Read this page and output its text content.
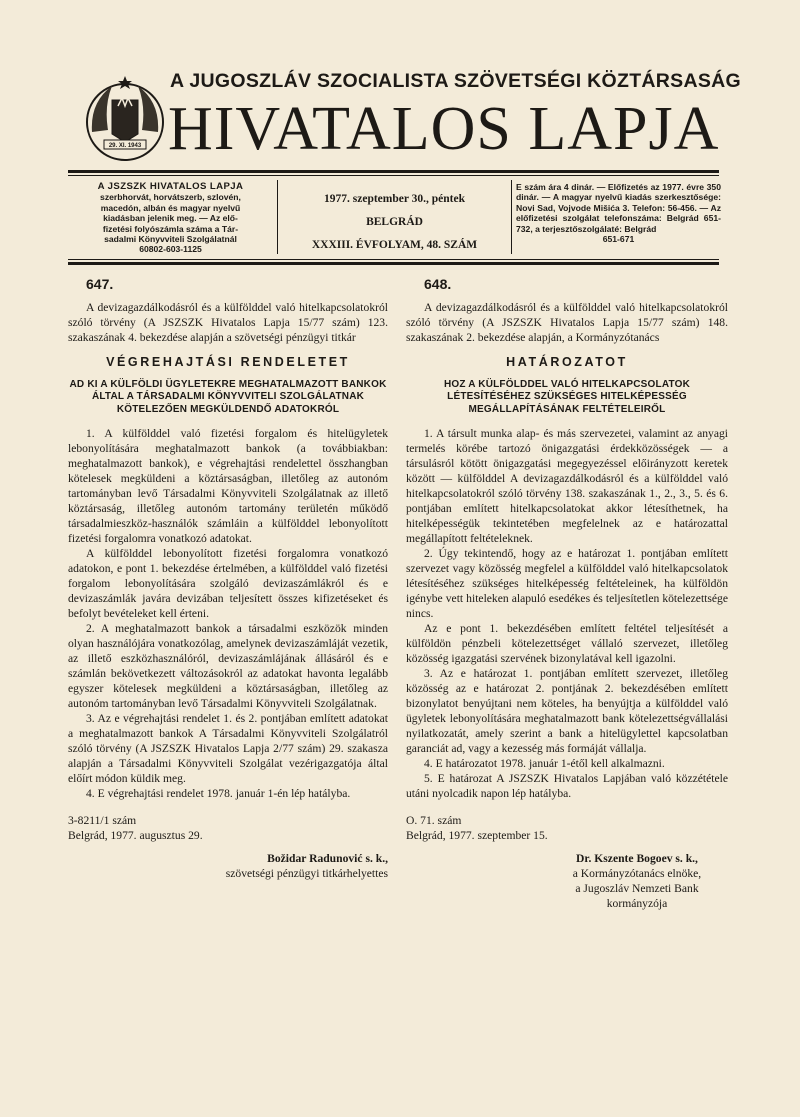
29. XI. 1943
A JUGOSZLÁV SZOCIALISTA SZÖVETSÉGI KÖZTÁRSASÁG
HIVATALOS LAPJA
A JSZSZK HIVATALOS LAPJA
szerbhorvát, horvátszerb, szlovén,
macedón, albán és magyar nyelvű
kiadásban jelenik meg. — Az elő-
fizetési folyószámla száma a Tár-
sadalmi Könyvviteli Szolgálatnál
60802-603-1125
1977. szeptember 30., péntek
BELGRÁD
XXXIII. ÉVFOLYAM, 48. SZÁM
E szám ára 4 dinár. — Előfizetés az 1977. évre 350 dinár. — A magyar nyelvű kiadás szerkesztősége: Novi Sad, Vojvode Mišića 3. Telefon: 56-456. — Az előfizetési szolgálat telefonszáma: Belgrád 651-732, a terjesztőszolgálaté: Belgrád
651-671
647.

A devizagazdálkodásról és a külfölddel való hitelkapcsolatokról szóló törvény (A JSZSZK Hivatalos Lapja 15/77 szám) 123. szakaszának 4. bekezdése alapján a szövetségi pénzügyi titkár

VÉGREHAJTÁSI RENDELETET
AD KI A KÜLFÖLDI ÜGYLETEKRE MEGHATALMAZOTT BANKOK ÁLTAL A TÁRSADALMI KÖNYVVITELI SZOLGÁLATNAK KÖTELEZŐEN MEGKÜLDENDŐ ADATOKRÓL

1. A külfölddel való fizetési forgalom és hitelügyletek lebonyolítására meghatalmazott bankok (a továbbiakban: meghatalmazott bankok), e végrehajtási rendelettel összhangban kötelesek megküldeni a köztársaságban, illetőleg az autonóm tartományban levő Társadalmi Könyvviteli Szolgálatnak az illető köztársaság, illetőleg autonóm tartomány területén működő társadalmieszköz-használók számláin a külfölddel lebonyolított fizetési forgalomra vonatkozó adatokat.

A külfölddel lebonyolított fizetési forgalomra vonatkozó adatokon, e pont 1. bekezdése értelmében, a külfölddel való fizetési forgalom lebonyolítására szolgáló devizaszámlákról és e devizaszámlák javára devizában teljesített összes kifizetéseket és befolyt bevételeket kell érteni.

2. A meghatalmazott bankok a társadalmi eszközök minden olyan használójára vonatkozólag, amelynek devizaszámláját vezetik, az illető eszközhasználóról, devizaszámlájának állásáról és e számlán bekövetkezett változásokról az adatokat havonta legalább egyszer kötelesek megküldeni a köztársaságban, illetőleg az autonóm tartományban levő Társadalmi Könyvviteli Szolgálatnak.

3. Az e végrehajtási rendelet 1. és 2. pontjában említett adatokat a meghatalmazott bankok A Társadalmi Könyvviteli Szolgálatról szóló törvény (A JSZSZK Hivatalos Lapja 2/77 szám) 29. szakasza alapján a Társadalmi Könyvviteli Szolgálat vezérigazgatója által előírt módon küldik meg.

4. E végrehajtási rendelet 1978. január 1-én lép hatályba.

3-8211/1 szám

Belgrád, 1977. augusztus 29.

Božidar Radunović s. k.,

szövetségi pénzügyi titkárhelyettes

648.

A devizagazdálkodásról és a külfölddel való hitelkapcsolatokról szóló törvény (A JSZSZK Hivatalos Lapja 15/77 szám) 148. szakaszának 2. bekezdése alapján, a Kormányzótanács

HATÁROZATOT
HOZ A KÜLFÖLDDEL VALÓ HITELKAPCSOLATOK LÉTESÍTÉSÉHEZ SZÜKSÉGES HITELKÉPESSÉG MEGÁLLAPÍTÁSÁNAK FELTÉTELEIRŐL

1. A társult munka alap- és más szervezetei, valamint az anyagi termelés körébe tartozó önigazgatási érdekközösségek — a társulásról kötött önigazgatási megegyezéssel előirányzott keretek között — külfölddel A devizagazdálkodásról és a külfölddel való hitelkapcsolatokról szóló törvény 138. szakaszának 1., 2., 3., 5. és 6. pontjában említett hitelkapcsolatokat akkor létesíthetnek, ha hitelképességük tekintetében megfelelnek az e határozattal megállapított feltételeknek.

2. Úgy tekintendő, hogy az e határozat 1. pontjában említett szervezet vagy közösség megfelel a külfölddel való hitelkapcsolatok létesítéséhez szükséges hitelképesség feltételeinek, ha külföldön igénybe vett hiteleken alapuló esedékes és teljesítetlen kötelezettsége nincs.

Az e pont 1. bekezdésében említett feltétel teljesítését a külföldön pénzbeli kötelezettséget vállaló szervezet, illetőleg közösség igazgatási szervének bizonylatával kell igazolni.

3. Az e határozat 1. pontjában említett szervezet, illetőleg közösség az e határozat 2. pontjának 2. bekezdésében említett bizonylatot benyújtani nem köteles, ha benyújtja a külfölddel való ügyletek lebonyolítására meghatalmazott bank kötelezettségvállalási nyilatkozatát, amely szerint a bank a hitelügylettel kapcsolatban garanciát ad, vagy a kezesség más formáját vállalja.

4. E határozatot 1978. január 1-étől kell alkalmazni.

5. E határozat A JSZSZK Hivatalos Lapjában való közzététele utáni nyolcadik napon lép hatályba.

O. 71. szám

Belgrád, 1977. szeptember 15.

Dr. Kszente Bogoev s. k.,

a Kormányzótanács elnöke,

a Jugoszláv Nemzeti Bank

kormányzója
